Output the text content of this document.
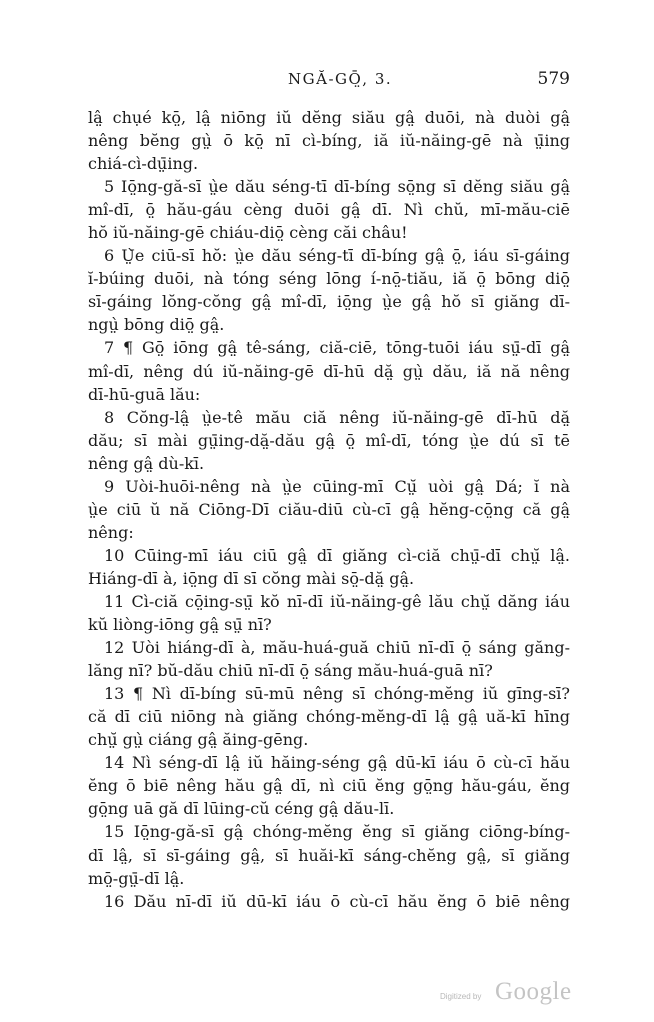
NGĂ-GŌ̤, 3.	579
lâ̤ chụé kō̤, lâ̤ niōng iŭ dĕng siău gâ̤ duōi, nà duòi gâ̤
nêng bĕng gṳ̀ ō kō̤ nī cì-bíng, iă iŭ-năing-gē nà ṳ̄ing
chiá-cì-dṳ̄ing.
5 Iō̤ng-gă-sī ṳ̀e dău séng-tī dī-bíng sō̤ng sī dĕng siău gâ̤
mî-dī, ō̤ hău-gáu cèng duōi gâ̤ dī. Nì chŭ, mī-mău-ciē
hŏ iŭ-năing-gē chiáu-diō̤ cèng căi châu!
6 Ṳ̀e ciū-sī hŏ: ṳ̀e dău séng-tī dī-bíng gâ̤ ō̤, iáu sī-gáing
ĭ-búing duōi, nà tóng séng lōng í-nō̤-tiău, iă ō̤ bōng diō̤
sī-gáing lŏng-cŏng gâ̤ mî-dī, iō̤ng ṳ̀e gâ̤ hŏ sī giăng dī-
ngṳ̀ bōng diō̤ gâ̤.
7 ¶ Gō̤ iōng gâ̤ tê-sáng, ciă-ciē, tōng-tuōi iáu sṳ̄-dī gâ̤
mî-dī, nêng dú iŭ-năing-gē dī-hū dă̤ gṳ̀ dău, iă nă nêng
dī-hū-guā lău:
8 Cŏng-lâ̤ ṳ̀e-tê mău ciă nêng iŭ-năing-gē dī-hū dă̤
dău; sī mài gṳ̄ing-dă̤-dău gâ̤ ō̤ mî-dī, tóng ṳ̀e dú sī tē
nêng gâ̤ dù-kī.
9 Uòi-huōi-nêng nà ṳ̀e cūing-mī Cṳ̆ uòi gâ̤ Dá; ĭ nà
ṳ̀e ciū ŭ nă Ciōng-Dī ciău-diū cù-cī gâ̤ hĕng-cō̤ng că gâ̤
nêng:
10 Cūing-mī iáu ciū gâ̤ dī giăng cì-ciă chṳ̄-dī chṳ̆ lâ̤.
Hiáng-dī à, iō̤ng dī sī cŏng mài sō̤-dă̤ gâ̤.
11 Cì-ciă cō̤ing-sṳ̄ kŏ nī-dī iŭ-năing-gê lău chṳ̆ dăng iáu
kŭ liòng-iōng gâ̤ sṳ̄ nī?
12 Uòi hiáng-dī à, mău-huá-guă chiū nī-dī ō̤ sáng găng-
lăng nī? bŭ-dău chiū nī-dī ō̤ sáng mău-huá-guā nī?
13 ¶ Nì dī-bíng sū-mū nêng sī chóng-mĕng iŭ gīng-sī?
că dī ciū niōng nà giăng chóng-mĕng-dī lâ̤ gâ̤ uă-kī hīng
chṳ̆ gṳ̀ ciáng gâ̤ ăing-gēng.
14 Nì séng-dī lâ̤ iŭ hăing-séng gâ̤ dū-kī iáu ō cù-cī hău
ĕng ō biē nêng hău gâ̤ dī, nì ciū ĕng gō̤ng hău-gáu, ĕng
gō̤ng uā gă dī lūing-cŭ céng gâ̤ dău-lī.
15 Iō̤ng-gă-sī gâ̤ chóng-mĕng ĕng sī giăng ciōng-bíng-
dī lâ̤, sī sī-gáing gâ̤, sī huăi-kī sáng-chĕng gâ̤, sī giăng
mō̤-gṳ̄-dī lâ̤.
16 Dău nī-dī iŭ dū-kī iáu ō cù-cī hău ĕng ō biē nêng
Digitized by Google
